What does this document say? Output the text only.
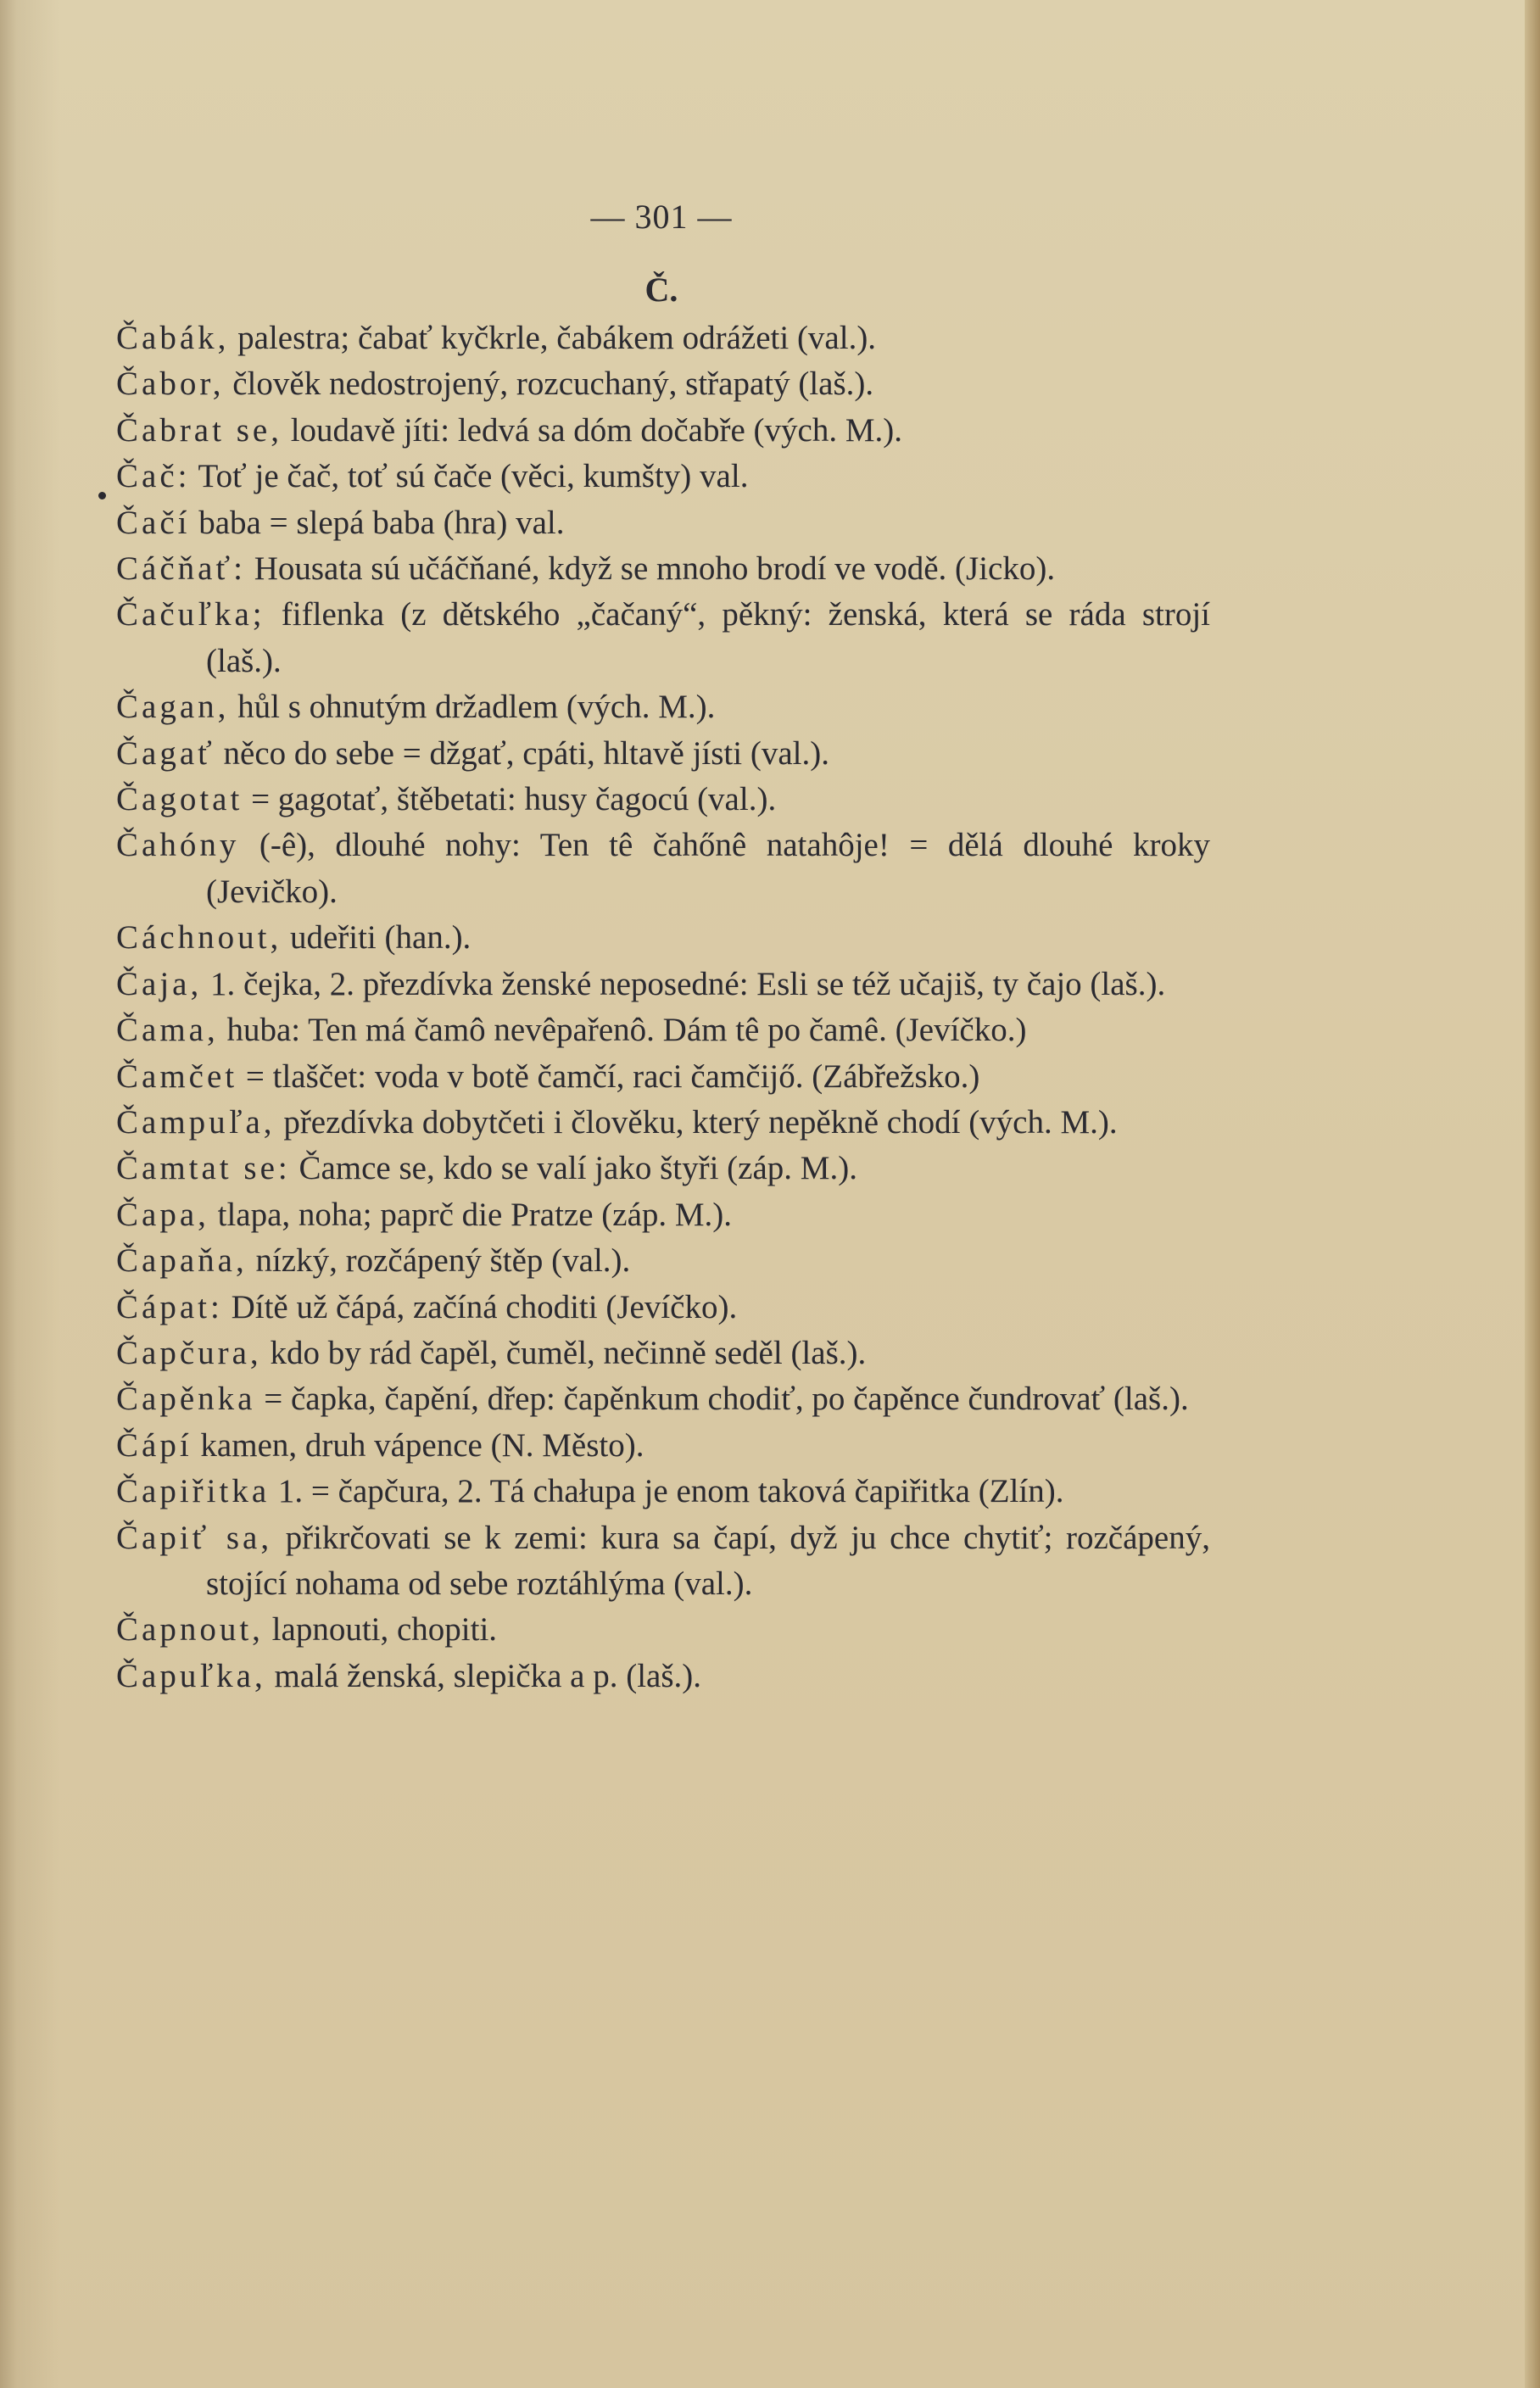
— 301 —
Č.

Čabák, palestra; čabať kyčkrle, čabákem odrážeti (val.).

Čabor, člověk nedostrojený, rozcuchaný, střapatý (laš.).

Čabrat se, loudavě jíti: ledvá sa dóm dočabře (vých. M.).

Čač: Toť je čač, toť sú čače (věci, kumšty) val.

Čačí baba = slepá baba (hra) val.

Cáčňať: Housata sú učáčňané, když se mnoho brodí ve vodě. (Jicko).

Čačuľka; fiflenka (z dětského „čačaný“, pěkný: ženská, která se ráda strojí (laš.).

Čagan, hůl s ohnutým držadlem (vých. M.).

Čagať něco do sebe = džgať, cpáti, hltavě jísti (val.).

Čagotat = gagotať, štěbetati: husy čagocú (val.).

Čahóny (-ê), dlouhé nohy: Ten tê čahőnê natahôje! = dělá dlouhé kroky (Jevičko).

Cáchnout, udeřiti (han.).

Čaja, 1. čejka, 2. přezdívka ženské neposedné: Esli se též učajiš, ty čajo (laš.).

Čama, huba: Ten má čamô nevêpařenô. Dám tê po čamê. (Jevíčko.)

Čamčet = tlaščet: voda v botě čamčí, raci čamčijő. (Zábřežsko.)

Čampuľa, přezdívka dobytčeti i člověku, který nepěkně chodí (vých. M.).

Čamtat se: Čamce se, kdo se valí jako štyři (záp. M.).

Čapa, tlapa, noha; paprč die Pratze (záp. M.).

Čapaňa, nízký, rozčápený štěp (val.).

Čápat: Dítě už čápá, začíná choditi (Jevíčko).

Čapčura, kdo by rád čapěl, čuměl, nečinně seděl (laš.).

Čapěnka = čapka, čapění, dřep: čapěnkum chodiť, po čapěnce čundrovať (laš.).

Čápí kamen, druh vápence (N. Město).

Čapiřitka 1. = čapčura, 2. Tá chałupa je enom taková čapiřitka (Zlín).

Čapiť sa, přikrčovati se k zemi: kura sa čapí, dyž ju chce chytiť; rozčápený, stojící nohama od sebe roztáhlýma (val.).

Čapnout, lapnouti, chopiti.

Čapuľka, malá ženská, slepička a p. (laš.).
